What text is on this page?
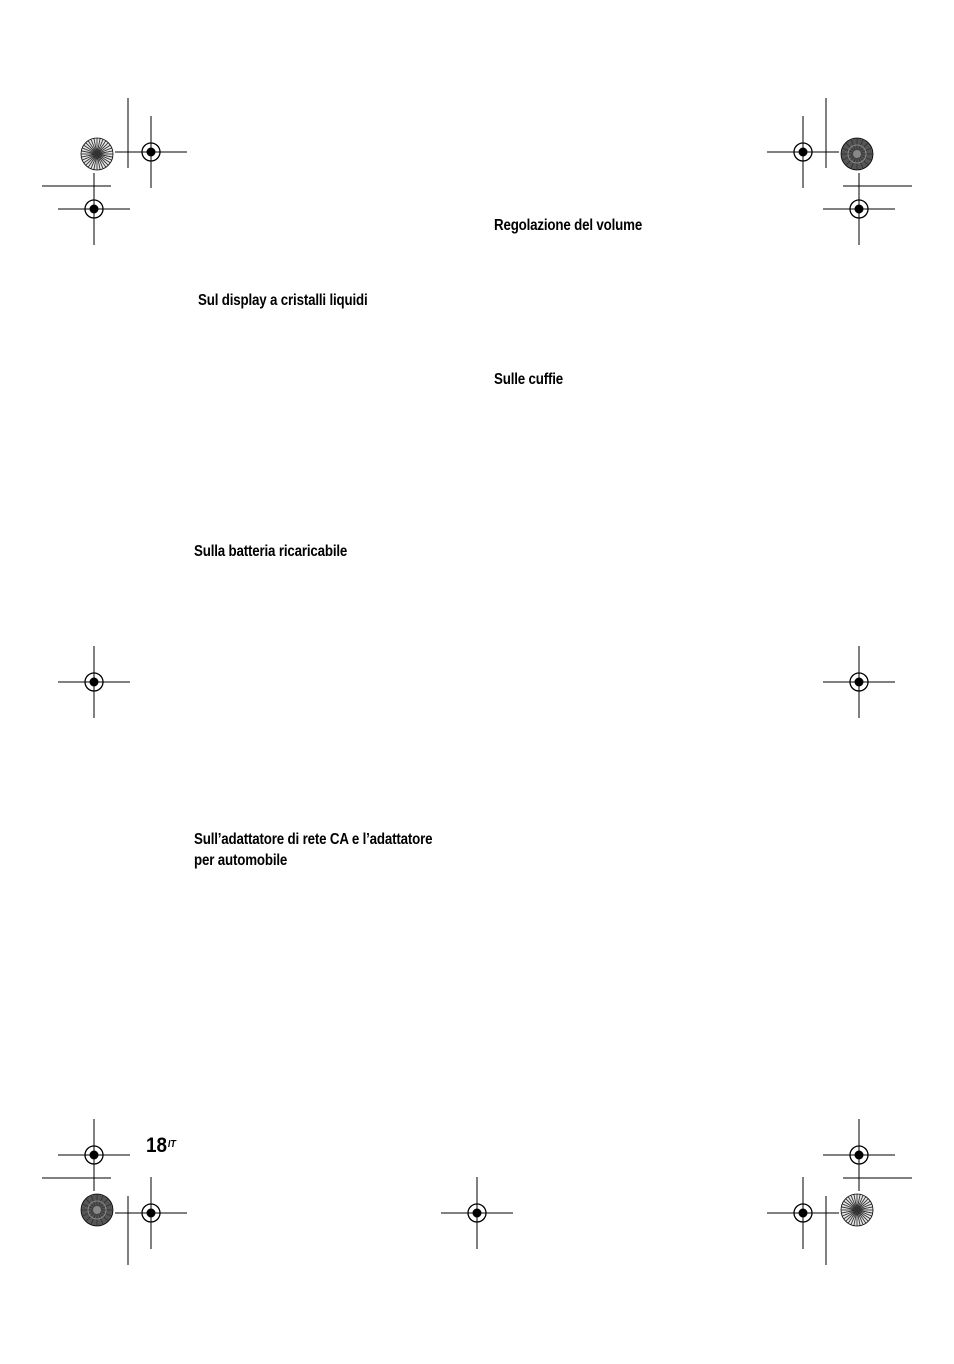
Sul display a cristalli liquidi
Sulla batteria ricaricabile
Sull’adattatore di rete CA e l’adattatore
per automobile
Regolazione del volume
Sulle cuffie
$18^{IT}$
